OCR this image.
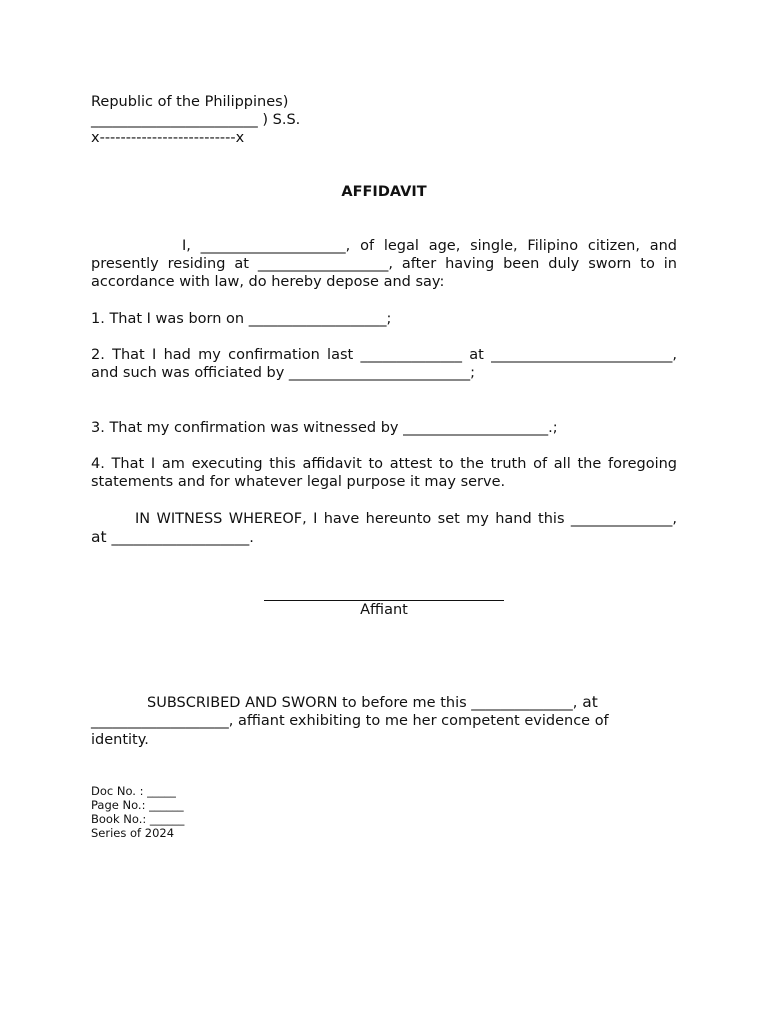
Republic of the Philippines)
_______________________ ) S.S.
x--------------------------x
AFFIDAVIT

I, ____________________, of legal age, single, Filipino citizen, and presently residing at __________________, after having been duly sworn to in accordance with law, do hereby depose and say:

1. That I was born on ___________________;

2. That I had my confirmation last ______________ at _________________________, and such was officiated by _________________________;

3. That my confirmation was witnessed by ____________________.;

4. That I am executing this affidavit to attest to the truth of all the foregoing statements and for whatever legal purpose it may serve.

IN WITNESS WHEREOF, I have hereunto set my hand this ______________, at ___________________.

Affiant
SUBSCRIBED AND SWORN to before me this ______________, at
___________________, affiant exhibiting to me her competent evidence of
identity.
Doc No. : _____
Page No.: ______
Book No.: ______
Series of 2024
